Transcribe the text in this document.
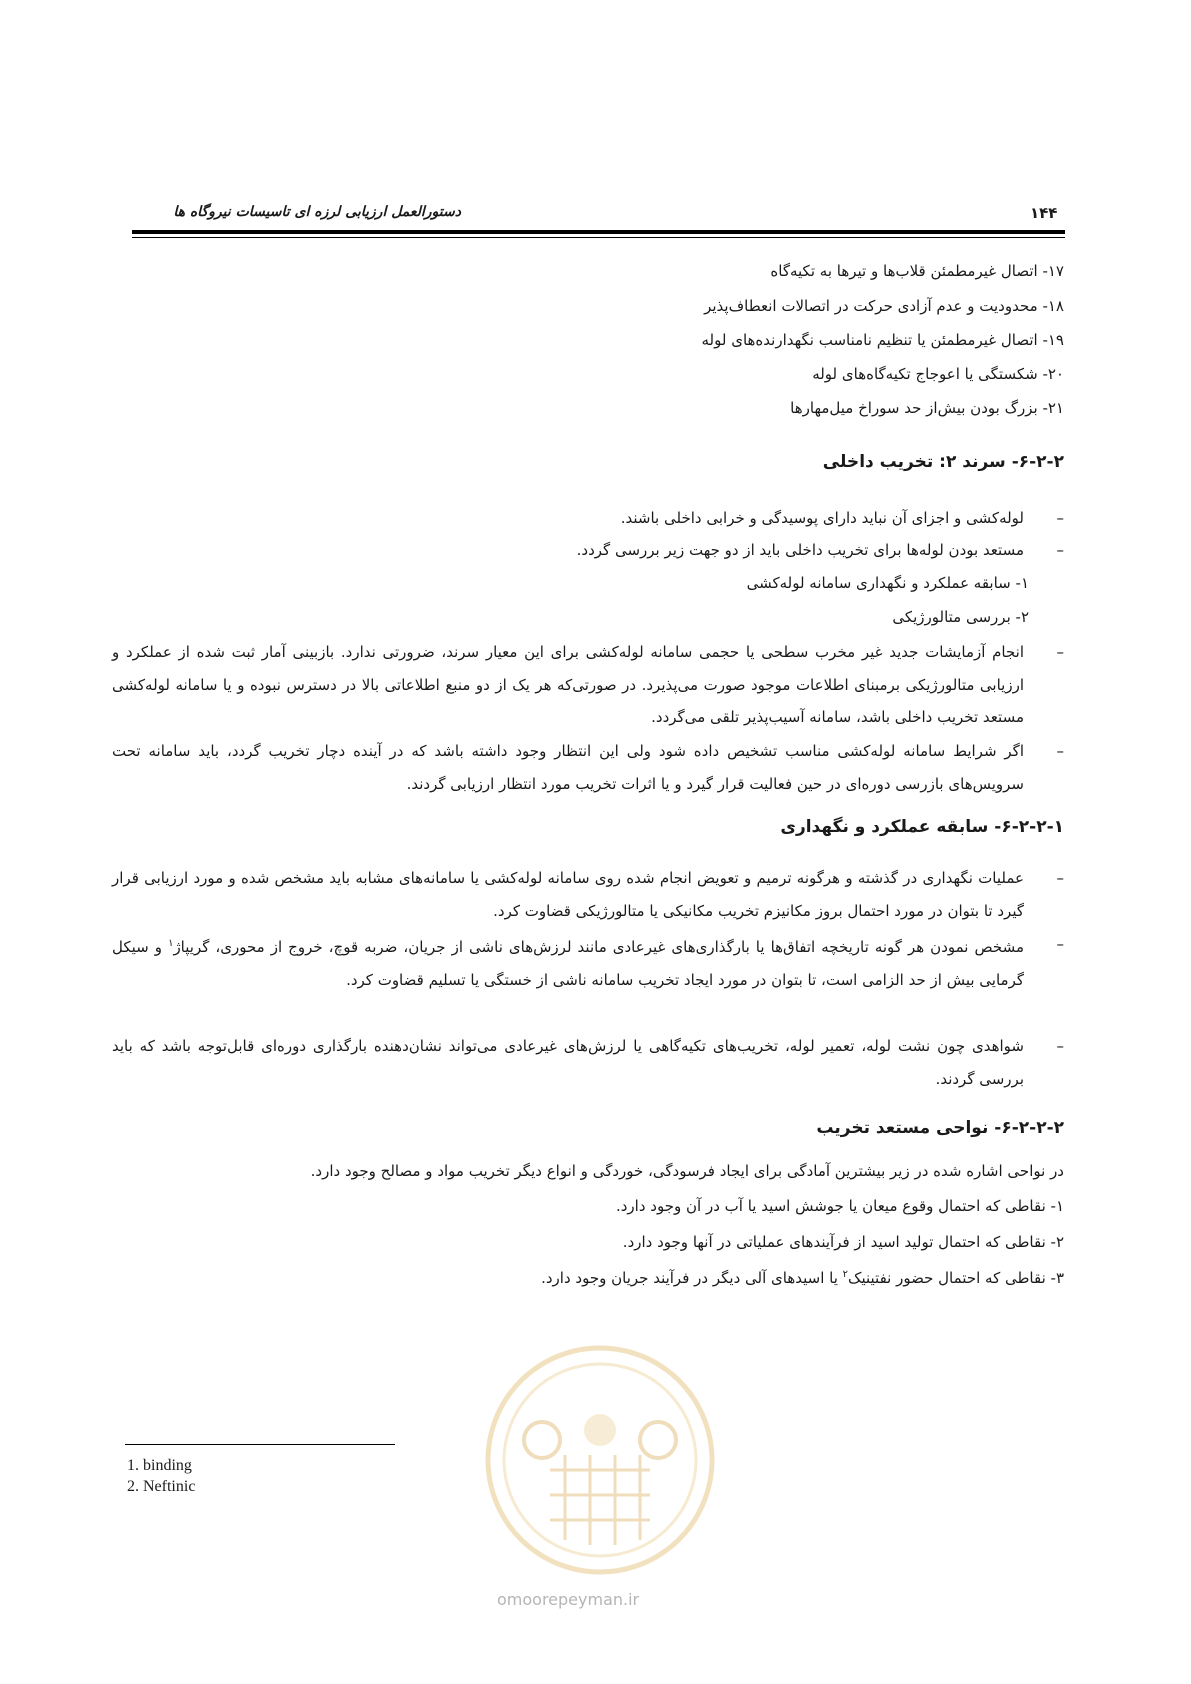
۱۴۴
دستورالعمل ارزیابی لرزه ای تاسیسات نیروگاه ها
۱۷- اتصال غیرمطمئن قلاب‌ها و تیرها به تکیه‌گاه
۱۸- محدودیت و عدم آزادی حرکت در اتصالات انعطاف‌پذیر
۱۹- اتصال غیرمطمئن یا تنظیم نامناسب نگهدارنده‌های لوله
۲۰- شکستگی یا اعوجاج تکیه‌گاه‌های لوله
۲۱- بزرگ بودن بیش‌از حد سوراخ میل‌مهارها
۶-۲-۲- سرند ۲: تخریب داخلی
–
لوله‌کشی و اجزای آن نباید دارای پوسیدگی و خرابی داخلی باشند.
–
مستعد بودن لوله‌ها برای تخریب داخلی باید از دو جهت زیر بررسی گردد.
۱- سابقه عملکرد و نگهداری سامانه لوله‌کشی
۲- بررسی متالورژیکی
–
انجام آزمایشات جدید غیر مخرب سطحی یا حجمی سامانه لوله‌کشی برای این معیار سرند، ضرورتی ندارد. بازبینی آمار ثبت شده از عملکرد و ارزیابی متالورژیکی برمبنای اطلاعات موجود صورت می‌پذیرد. در صورتی‌که هر یک از دو منبع اطلاعاتی بالا در دسترس نبوده و یا سامانه لوله‌کشی مستعد تخریب داخلی باشد، سامانه آسیب‌پذیر تلقی می‌گردد.
–
اگر شرایط سامانه لوله‌کشی مناسب تشخیص داده شود ولی این انتظار وجود داشته باشد که در آینده دچار تخریب گردد، باید سامانه تحت سرویس‌های بازرسی دوره‌ای در حین فعالیت قرار گیرد و یا اثرات تخریب مورد انتظار ارزیابی گردند.
۶-۲-۲-۱- سابقه عملکرد و نگهداری
–
عملیات نگهداری در گذشته و هرگونه ترمیم و تعویض انجام شده روی سامانه لوله‌کشی یا سامانه‌های مشابه باید مشخص شده و مورد ارزیابی قرار گیرد تا بتوان در مورد احتمال بروز مکانیزم تخریب مکانیکی یا متالورژیکی قضاوت کرد.
–
مشخص نمودن هر گونه تاریخچه اتفاق‌ها یا بارگذاری‌های غیرعادی مانند لرزش‌های ناشی از جریان، ضربه قوچ، خروج از محوری، گریپاژ$^۱$ و سیکل گرمایی بیش از حد الزامی است، تا بتوان در مورد ایجاد تخریب سامانه ناشی از خستگی یا تسلیم قضاوت کرد.
–
شواهدی چون نشت لوله، تعمیر لوله، تخریب‌های تکیه‌گاهی یا لرزش‌های غیرعادی می‌تواند نشان‌دهنده بارگذاری دوره‌ای قابل‌توجه باشد که باید بررسی گردند.
۶-۲-۲-۲- نواحی مستعد تخریب
در نواحی اشاره شده در زیر بیشترین آمادگی برای ایجاد فرسودگی، خوردگی و انواع دیگر تخریب مواد و مصالح وجود دارد.
۱- نقاطی که احتمال وقوع میعان یا جوشش اسید یا آب در آن وجود دارد.
۲- نقاطی که احتمال تولید اسید از فرآیندهای عملیاتی در آنها وجود دارد.
۳- نقاطی که احتمال حضور نفتینیک$^۲$ یا اسیدهای آلی دیگر در فرآیند جریان وجود دارد.
omoorepeyman.ir
1. binding
2. Neftinic
